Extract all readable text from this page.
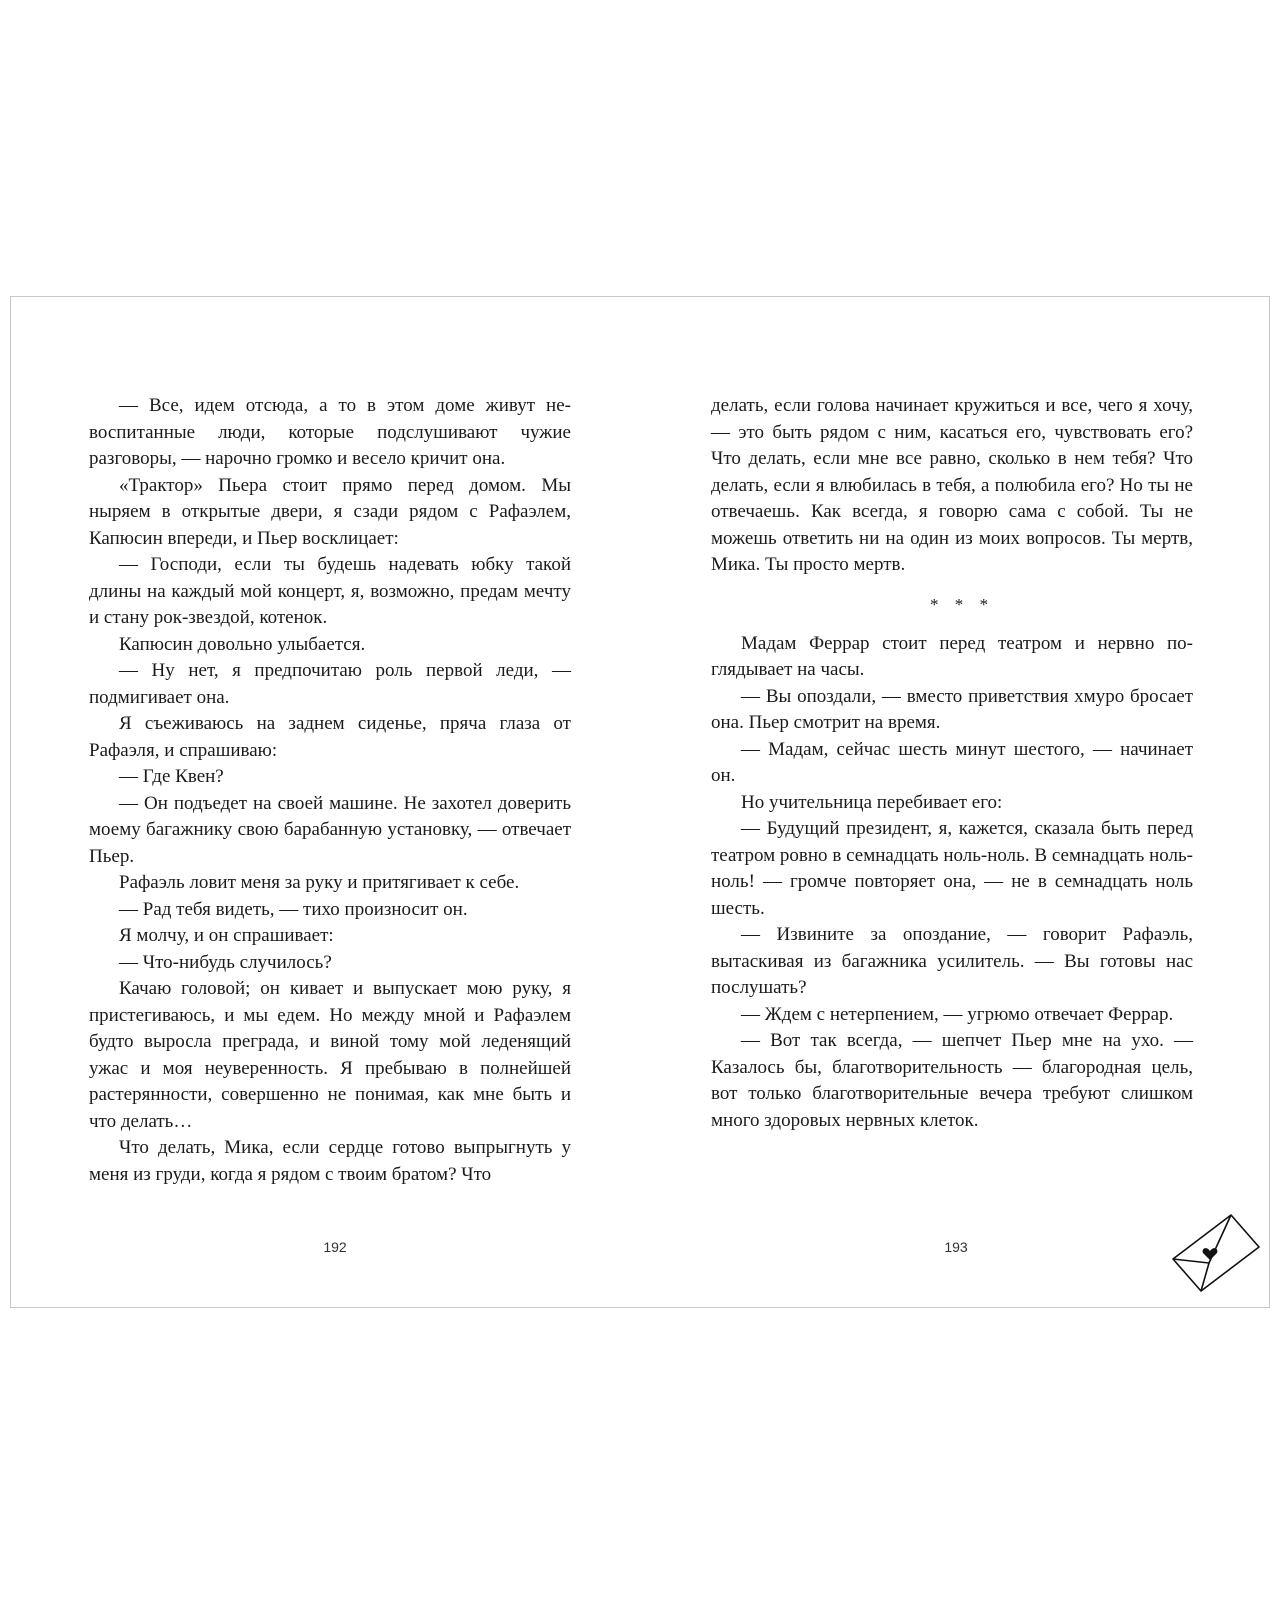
— Все, идем отсюда, а то в этом доме живут невоспитанные люди, которые подслушивают чужие разговоры, — нарочно громко и весело кричит она.

«Трактор» Пьера стоит прямо перед домом. Мы ныряем в открытые двери, я сзади рядом с Рафаэлем, Капюсин впереди, и Пьер восклицает:

— Господи, если ты будешь надевать юбку такой длины на каждый мой концерт, я, возможно, предам мечту и стану рок-звездой, котенок.

Капюсин довольно улыбается.

— Ну нет, я предпочитаю роль первой леди, — подмигивает она.

Я съеживаюсь на заднем сиденье, пряча глаза от Рафаэля, и спрашиваю:

— Где Квен?

— Он подъедет на своей машине. Не захотел доверить моему багажнику свою барабанную установку, — отвечает Пьер.

Рафаэль ловит меня за руку и притягивает к себе.

— Рад тебя видеть, — тихо произносит он.

Я молчу, и он спрашивает:

— Что-нибудь случилось?

Качаю головой; он кивает и выпускает мою руку, я пристегиваюсь, и мы едем. Но между мной и Рафаэлем будто выросла преграда, и виной тому мой леденящий ужас и моя неуверенность. Я пребываю в полнейшей растерянности, совершенно не понимая, как мне быть и что делать…

Что делать, Мика, если сердце готово выпрыгнуть у меня из груди, когда я рядом с твоим братом? Что

делать, если голова начинает кружиться и все, чего я хочу, — это быть рядом с ним, касаться его, чувствовать его? Что делать, если мне все равно, сколько в нем тебя? Что делать, если я влюбилась в тебя, а полюбила его? Но ты не отвечаешь. Как всегда, я говорю сама с собой. Ты не можешь ответить ни на один из моих вопросов. Ты мертв, Мика. Ты просто мертв.

* * *

Мадам Феррар стоит перед театром и нервно поглядывает на часы.

— Вы опоздали, — вместо приветствия хмуро бросает она. Пьер смотрит на время.

— Мадам, сейчас шесть минут шестого, — начинает он.

Но учительница перебивает его:

— Будущий президент, я, кажется, сказала быть перед театром ровно в семнадцать ноль-ноль. В семнадцать ноль-ноль! — громче повторяет она, — не в семнадцать ноль шесть.

— Извините за опоздание, — говорит Рафаэль, вытаскивая из багажника усилитель. — Вы готовы нас послушать?

— Ждем с нетерпением, — угрюмо отвечает Феррар.

— Вот так всегда, — шепчет Пьер мне на ухо. — Казалось бы, благотворительность — благородная цель, вот только благотворительные вечера требуют слишком много здоровых нервных клеток.

192	193
